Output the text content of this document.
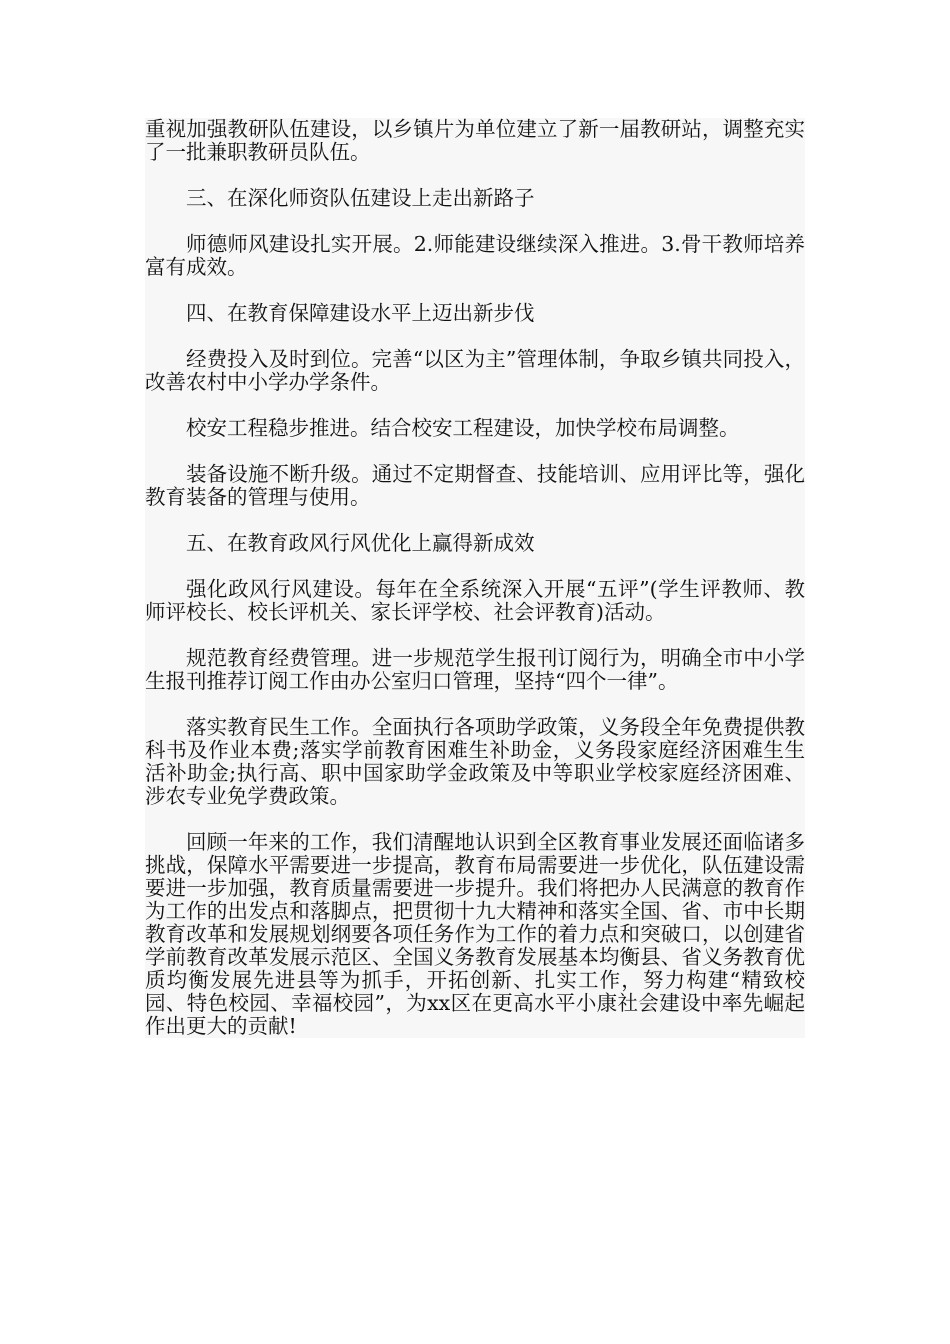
重视加强教研队伍建设，以乡镇片为单位建立了新一届教研站，调整充实了一批兼职教研员队伍。

三、在深化师资队伍建设上走出新路子

师德师风建设扎实开展。2.师能建设继续深入推进。3.骨干教师培养富有成效。

四、在教育保障建设水平上迈出新步伐

经费投入及时到位。完善“以区为主”管理体制，争取乡镇共同投入，改善农村中小学办学条件。

校安工程稳步推进。结合校安工程建设，加快学校布局调整。

装备设施不断升级。通过不定期督查、技能培训、应用评比等，强化教育装备的管理与使用。

五、在教育政风行风优化上赢得新成效

强化政风行风建设。每年在全系统深入开展“五评”(学生评教师、教师评校长、校长评机关、家长评学校、社会评教育)活动。

规范教育经费管理。进一步规范学生报刊订阅行为，明确全市中小学生报刊推荐订阅工作由办公室归口管理，坚持“四个一律”。

落实教育民生工作。全面执行各项助学政策，义务段全年免费提供教科书及作业本费;落实学前教育困难生补助金，义务段家庭经济困难生生活补助金;执行高、职中国家助学金政策及中等职业学校家庭经济困难、涉农专业免学费政策。

回顾一年来的工作，我们清醒地认识到全区教育事业发展还面临诸多挑战，保障水平需要进一步提高，教育布局需要进一步优化，队伍建设需要进一步加强，教育质量需要进一步提升。我们将把办人民满意的教育作为工作的出发点和落脚点，把贯彻十九大精神和落实全国、省、市中长期教育改革和发展规划纲要各项任务作为工作的着力点和突破口，以创建省学前教育改革发展示范区、全国义务教育发展基本均衡县、省义务教育优质均衡发展先进县等为抓手，开拓创新、扎实工作，努力构建“精致校园、特色校园、幸福校园”，为xx区在更高水平小康社会建设中率先崛起作出更大的贡献!
